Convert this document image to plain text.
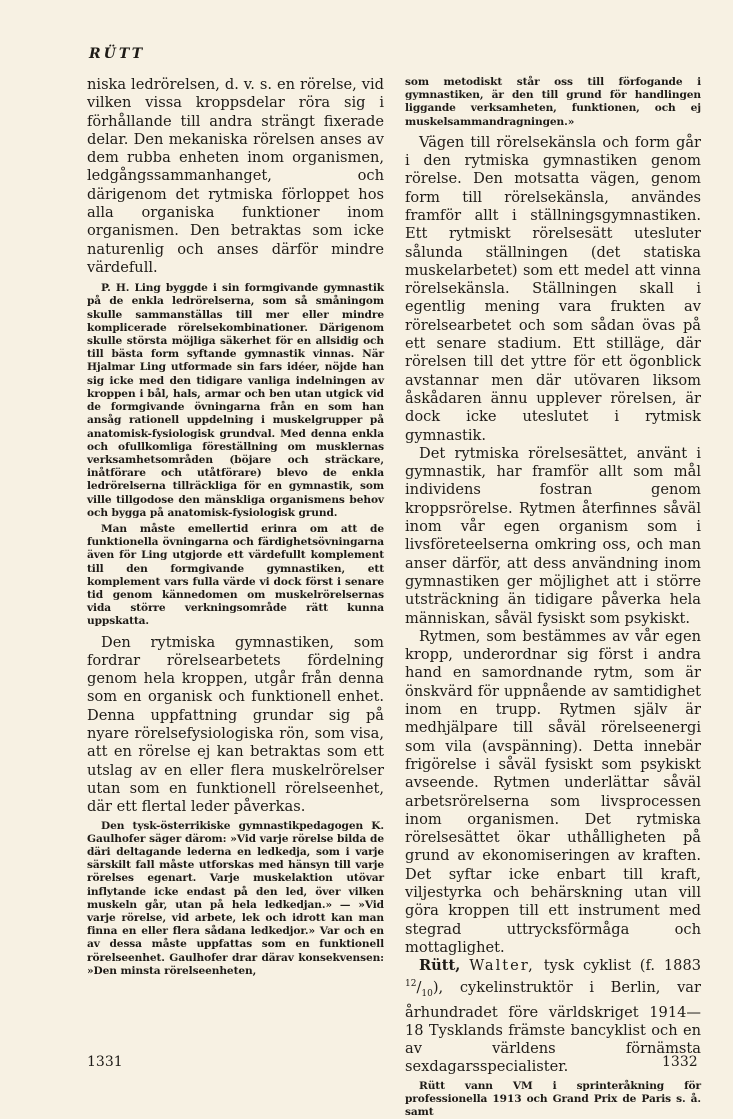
RÜTT

niska ledrörelsen, d. v. s. en rörelse, vid vilken vissa kroppsdelar röra sig i förhållande till andra strängt fixerade delar. Den mekaniska rörelsen anses av dem rubba enheten inom organismen, ledgångssammanhanget, och därigenom det rytmiska förloppet hos alla organiska funktioner inom organismen. Den betraktas som icke naturenlig och anses därför mindre värdefull.

P. H. Ling byggde i sin formgivande gymnastik på de enkla ledrörelserna, som så småningom skulle sammanställas till mer eller mindre komplicerade rörelsekombinationer. Därigenom skulle största möjliga säkerhet för en allsidig och till bästa form syftande gymnastik vinnas. När Hjalmar Ling utformade sin fars idéer, nöjde han sig icke med den tidigare vanliga indelningen av kroppen i bål, hals, armar och ben utan utgick vid de formgivande övningarna från en som han ansåg rationell uppdelning i muskelgrupper på anatomisk-fysiologisk grundval. Med denna enkla och ofullkomliga föreställning om musklernas verksamhetsområden (böjare och sträckare, inåtförare och utåtförare) blevo de enkla ledrörelserna tillräckliga för en gymnastik, som ville tillgodose den mänskliga organismens behov och bygga på anatomisk-fysiologisk grund.

Man måste emellertid erinra om att de funktionella övningarna och färdighetsövningarna även för Ling utgjorde ett värdefullt komplement till den formgivande gymnastiken, ett komplement vars fulla värde vi dock först i senare tid genom kännedomen om muskelrörelsernas vida större verkningsområde rätt kunna uppskatta.

Den rytmiska gymnastiken, som fordrar rörelsearbetets fördelning genom hela kroppen, utgår från denna som en organisk och funktionell enhet. Denna uppfattning grundar sig på nyare rörelsefysiologiska rön, som visa, att en rörelse ej kan betraktas som ett utslag av en eller flera muskelrörelser utan som en funktionell rörelseenhet, där ett flertal leder påverkas.

Den tysk-österrikiske gymnastikpedagogen K. Gaulhofer säger därom: »Vid varje rörelse bilda de däri deltagande lederna en ledkedja, som i varje särskilt fall måste utforskas med hänsyn till varje rörelses egenart. Varje muskelaktion utövar inflytande icke endast på den led, över vilken muskeln går, utan på hela ledkedjan.» — »Vid varje rörelse, vid arbete, lek och idrott kan man finna en eller flera sådana ledkedjor.» Var och en av dessa måste uppfattas som en funktionell rörelseenhet. Gaulhofer drar därav konsekvensen: »Den minsta rörelseenheten,

som metodiskt står oss till förfogande i gymnastiken, är den till grund för handlingen liggande verksamheten, funktionen, och ej muskelsammandragningen.»

Vägen till rörelsekänsla och form går i den rytmiska gymnastiken genom rörelse. Den motsatta vägen, genom form till rörelsekänsla, användes framför allt i ställningsgymnastiken. Ett rytmiskt rörelsesätt utesluter sålunda ställningen (det statiska muskelarbetet) som ett medel att vinna rörelsekänsla. Ställningen skall i egentlig mening vara frukten av rörelsearbetet och som sådan övas på ett senare stadium. Ett stilläge, där rörelsen till det yttre för ett ögonblick avstannar men där utövaren liksom åskådaren ännu upplever rörelsen, är dock icke uteslutet i rytmisk gymnastik.

Det rytmiska rörelsesättet, använt i gymnastik, har framför allt som mål individens fostran genom kroppsrörelse. Rytmen återfinnes såväl inom vår egen organism som i livsföreteelserna omkring oss, och man anser därför, att dess användning inom gymnastiken ger möjlighet att i större utsträckning än tidigare påverka hela människan, såväl fysiskt som psykiskt.

Rytmen, som bestämmes av vår egen kropp, underordnar sig först i andra hand en samordnande rytm, som är önskvärd för uppnående av samtidighet inom en trupp. Rytmen själv är medhjälpare till såväl rörelseenergi som vila (avspänning). Detta innebär frigörelse i såväl fysiskt som psykiskt avseende. Rytmen underlättar såväl arbetsrörelserna som livsprocessen inom organismen. Det rytmiska rörelsesättet ökar uthålligheten på grund av ekonomiseringen av kraften. Det syftar icke enbart till kraft, viljestyrka och behärskning utan vill göra kroppen till ett instrument med stegrad uttrycksförmåga och mottaglighet.

Rütt, Walter, tysk cyklist (f. 1883 $^{12}/_{10}$), cykelinstruktör i Berlin, var århundradet före världskriget 1914—18 Tysklands främste bancyklist och en av världens förnämsta sexdagarsspecialister.

Rütt vann VM i sprinteråkning för professionella 1913 och Grand Prix de Paris s. å. samt

1331	1332
